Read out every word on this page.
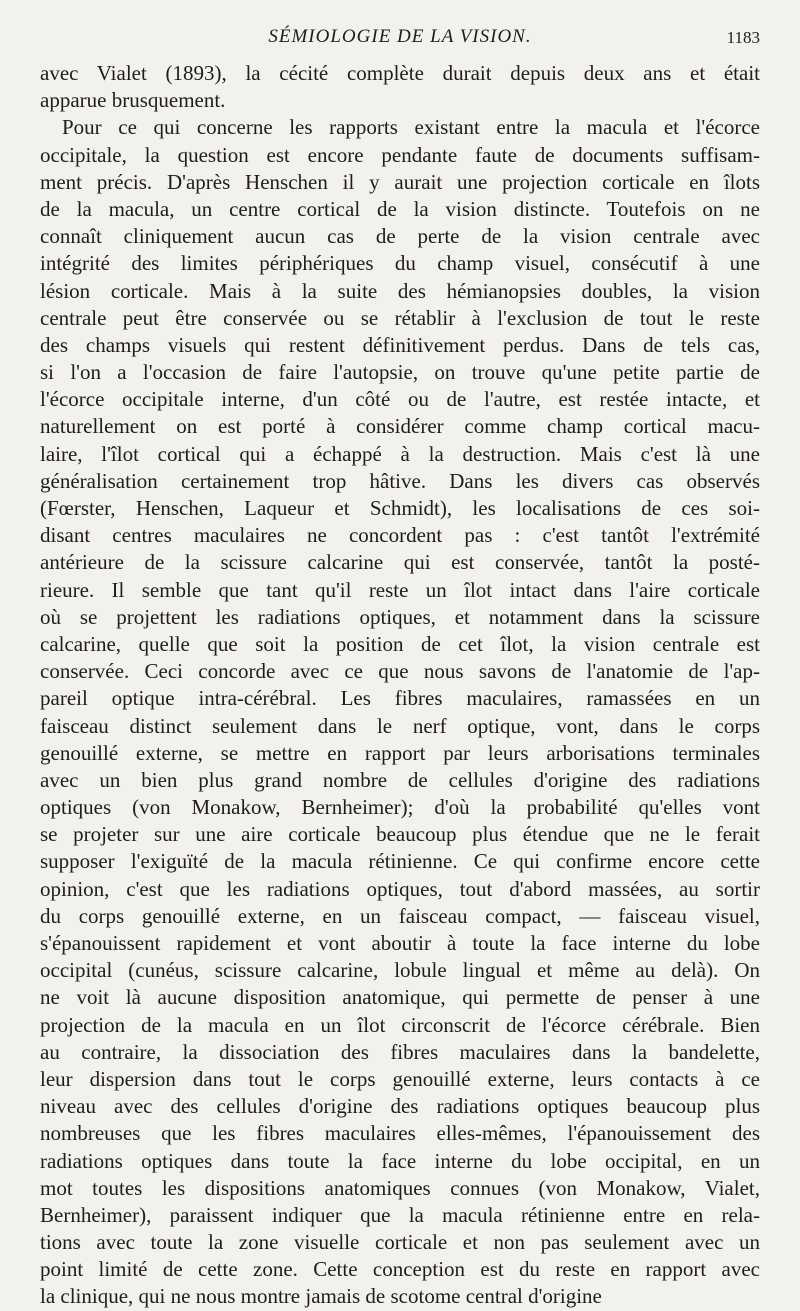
SÉMIOLOGIE DE LA VISION.	1183
avec Vialet (1893), la cécité complète durait depuis deux ans et était
apparue brusquement.
Pour ce qui concerne les rapports existant entre la macula et l'écorce
occipitale, la question est encore pendante faute de documents suffisam-
ment précis. D'après Henschen il y aurait une projection corticale en îlots
de la macula, un centre cortical de la vision distincte. Toutefois on ne
connaît cliniquement aucun cas de perte de la vision centrale avec
intégrité des limites périphériques du champ visuel, consécutif à une
lésion corticale. Mais à la suite des hémianopsies doubles, la vision
centrale peut être conservée ou se rétablir à l'exclusion de tout le reste
des champs visuels qui restent définitivement perdus. Dans de tels cas,
si l'on a l'occasion de faire l'autopsie, on trouve qu'une petite partie de
l'écorce occipitale interne, d'un côté ou de l'autre, est restée intacte, et
naturellement on est porté à considérer comme champ cortical macu-
laire, l'îlot cortical qui a échappé à la destruction. Mais c'est là une
généralisation certainement trop hâtive. Dans les divers cas observés
(Fœrster, Henschen, Laqueur et Schmidt), les localisations de ces soi-
disant centres maculaires ne concordent pas : c'est tantôt l'extrémité
antérieure de la scissure calcarine qui est conservée, tantôt la posté-
rieure. Il semble que tant qu'il reste un îlot intact dans l'aire corticale
où se projettent les radiations optiques, et notamment dans la scissure
calcarine, quelle que soit la position de cet îlot, la vision centrale est
conservée. Ceci concorde avec ce que nous savons de l'anatomie de l'ap-
pareil optique intra-cérébral. Les fibres maculaires, ramassées en un
faisceau distinct seulement dans le nerf optique, vont, dans le corps
genouillé externe, se mettre en rapport par leurs arborisations terminales
avec un bien plus grand nombre de cellules d'origine des radiations
optiques (von Monakow, Bernheimer); d'où la probabilité qu'elles vont
se projeter sur une aire corticale beaucoup plus étendue que ne le ferait
supposer l'exiguïté de la macula rétinienne. Ce qui confirme encore cette
opinion, c'est que les radiations optiques, tout d'abord massées, au sortir
du corps genouillé externe, en un faisceau compact, — faisceau visuel,
s'épanouissent rapidement et vont aboutir à toute la face interne du lobe
occipital (cunéus, scissure calcarine, lobule lingual et même au delà). On
ne voit là aucune disposition anatomique, qui permette de penser à une
projection de la macula en un îlot circonscrit de l'écorce cérébrale. Bien
au contraire, la dissociation des fibres maculaires dans la bandelette,
leur dispersion dans tout le corps genouillé externe, leurs contacts à ce
niveau avec des cellules d'origine des radiations optiques beaucoup plus
nombreuses que les fibres maculaires elles-mêmes, l'épanouissement des
radiations optiques dans toute la face interne du lobe occipital, en un
mot toutes les dispositions anatomiques connues (von Monakow, Vialet,
Bernheimer), paraissent indiquer que la macula rétinienne entre en rela-
tions avec toute la zone visuelle corticale et non pas seulement avec un
point limité de cette zone. Cette conception est du reste en rapport avec
la clinique, qui ne nous montre jamais de scotome central d'origine
